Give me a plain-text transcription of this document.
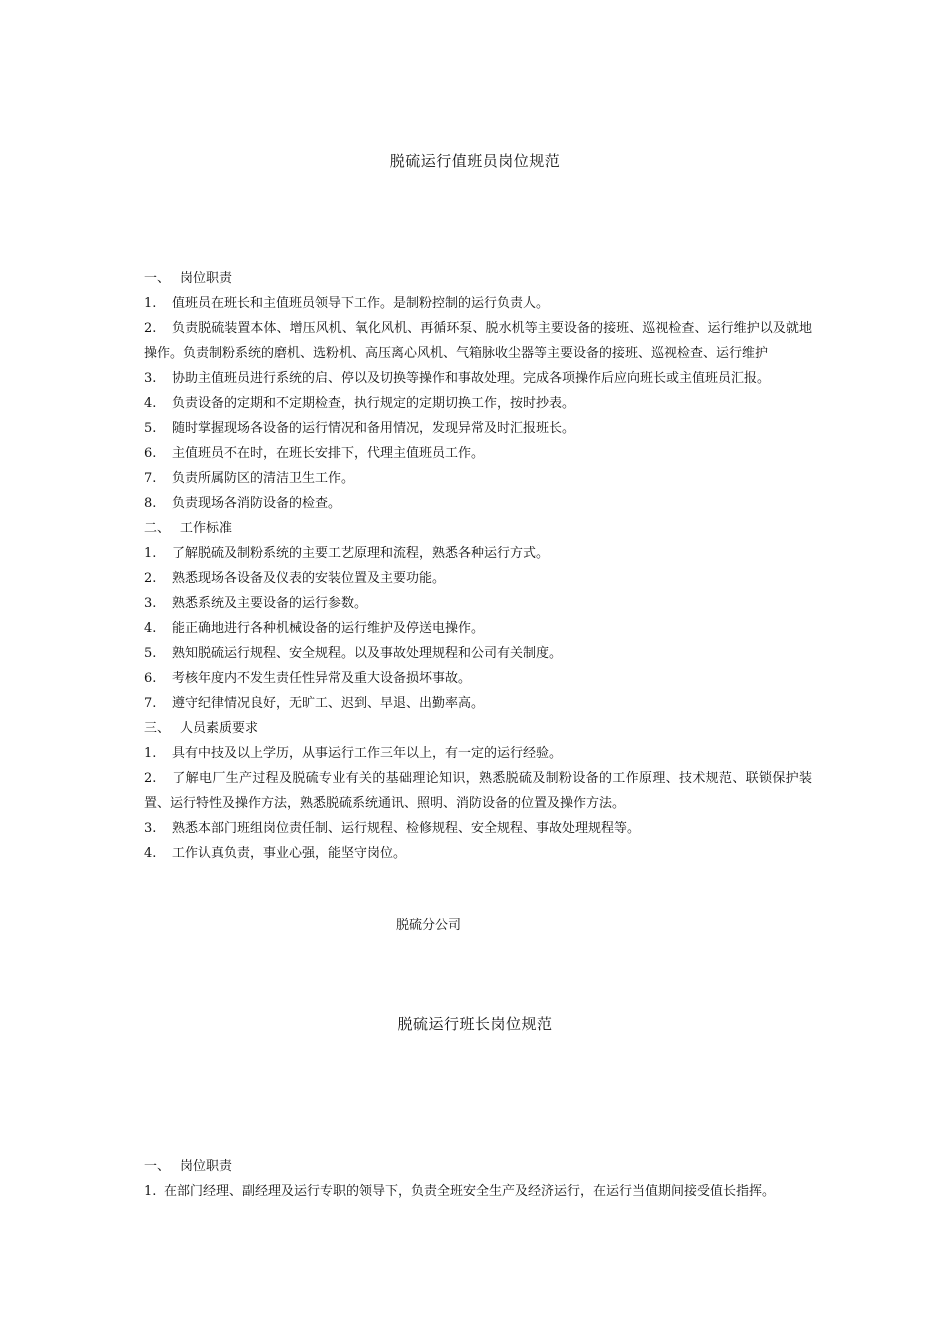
脱硫运行值班员岗位规范
一、 岗位职责
1. 值班员在班长和主值班员领导下工作。是制粉控制的运行负责人。
2. 负责脱硫装置本体、增压风机、氧化风机、再循环泵、脱水机等主要设备的接班、巡视检查、运行维护以及就地操作。负责制粉系统的磨机、选粉机、高压离心风机、气箱脉收尘器等主要设备的接班、巡视检查、运行维护
3. 协助主值班员进行系统的启、停以及切换等操作和事故处理。完成各项操作后应向班长或主值班员汇报。
4. 负责设备的定期和不定期检查，执行规定的定期切换工作，按时抄表。
5. 随时掌握现场各设备的运行情况和备用情况，发现异常及时汇报班长。
6. 主值班员不在时，在班长安排下，代理主值班员工作。
7. 负责所属防区的清洁卫生工作。
8. 负责现场各消防设备的检查。
二、 工作标准
1. 了解脱硫及制粉系统的主要工艺原理和流程，熟悉各种运行方式。
2. 熟悉现场各设备及仪表的安装位置及主要功能。
3. 熟悉系统及主要设备的运行参数。
4. 能正确地进行各种机械设备的运行维护及停送电操作。
5. 熟知脱硫运行规程、安全规程。以及事故处理规程和公司有关制度。
6. 考核年度内不发生责任性异常及重大设备损坏事故。
7. 遵守纪律情况良好，无旷工、迟到、早退、出勤率高。
三、 人员素质要求
1. 具有中技及以上学历，从事运行工作三年以上，有一定的运行经验。
2. 了解电厂生产过程及脱硫专业有关的基础理论知识，熟悉脱硫及制粉设备的工作原理、技术规范、联锁保护装置、运行特性及操作方法，熟悉脱硫系统通讯、照明、消防设备的位置及操作方法。
3. 熟悉本部门班组岗位责任制、运行规程、检修规程、安全规程、事故处理规程等。
4. 工作认真负责，事业心强，能坚守岗位。
脱硫分公司
脱硫运行班长岗位规范
一、 岗位职责
1. 在部门经理、副经理及运行专职的领导下，负责全班安全生产及经济运行，在运行当值期间接受值长指挥。
